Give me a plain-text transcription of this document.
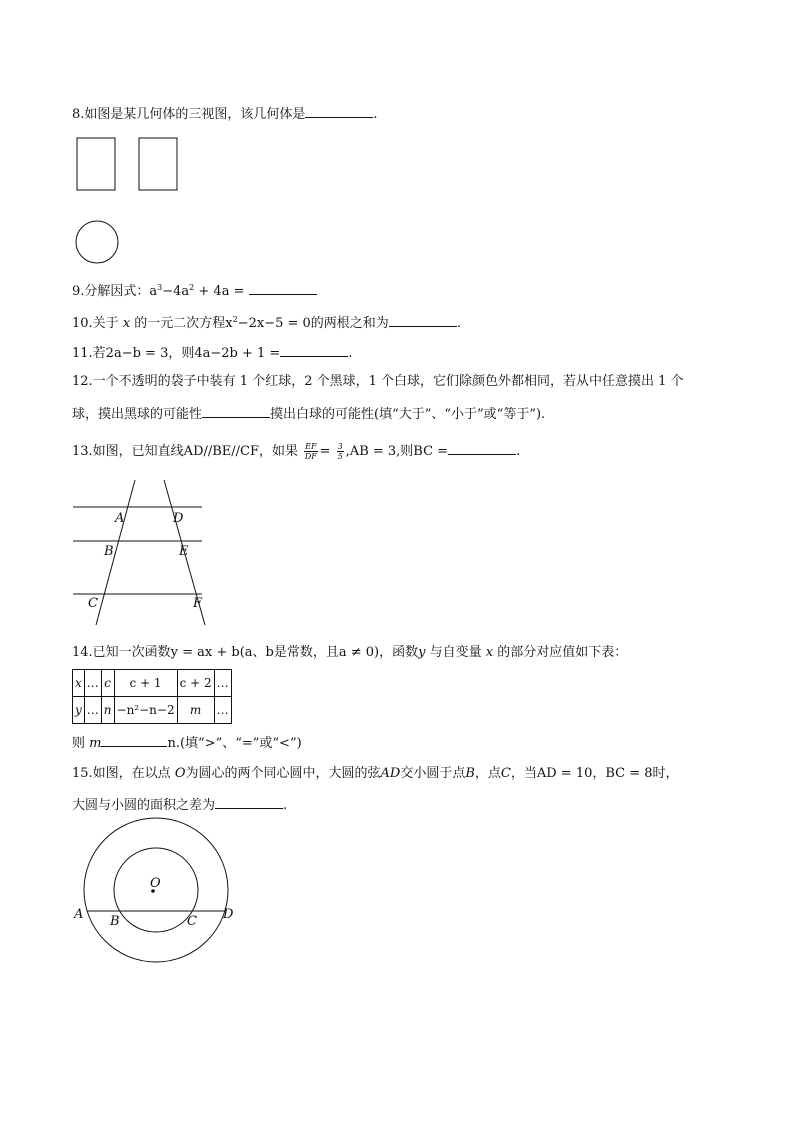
8.如图是某几何体的三视图，该几何体是	.
9.分解因式：$a^3-4a^2 + 4a$ =
10.关于 x 的一元二次方程$x^2-2x-5 = 0$的两根之和为	.
11.若2a−b = 3，则4a−2b + 1 =	.
12.一个不透明的袋子中装有 1 个红球，2 个黑球，1 个白球，它们除颜色外都相同，若从中任意摸出 1 个
球，摸出黑球的可能性	摸出白球的可能性(填“大于”、“小于”或“等于”).
13.如图，已知直线AD//BE//CF，如果 $\frac{EF}{DF} = \frac{3}{5} ,AB = 3$,则BC =	.
A	D
B	E
C	F
14.已知一次函数y = ax + b(a、b是常数，且a ≠ 0)，函数y 与自变量 x 的部分对应值如下表：
x	…	c	c + 1	c + 2	…
y	…	n	−n²−n−2	m	…
则 m	n.(填“>”、“=”或“<”)
15.如图，在以点 O为圆心的两个同心圆中，大圆的弦AD交小圆于点B，点C，当AD = 10，BC = 8时，
大圆与小圆的面积之差为	.
O
A B	C D
